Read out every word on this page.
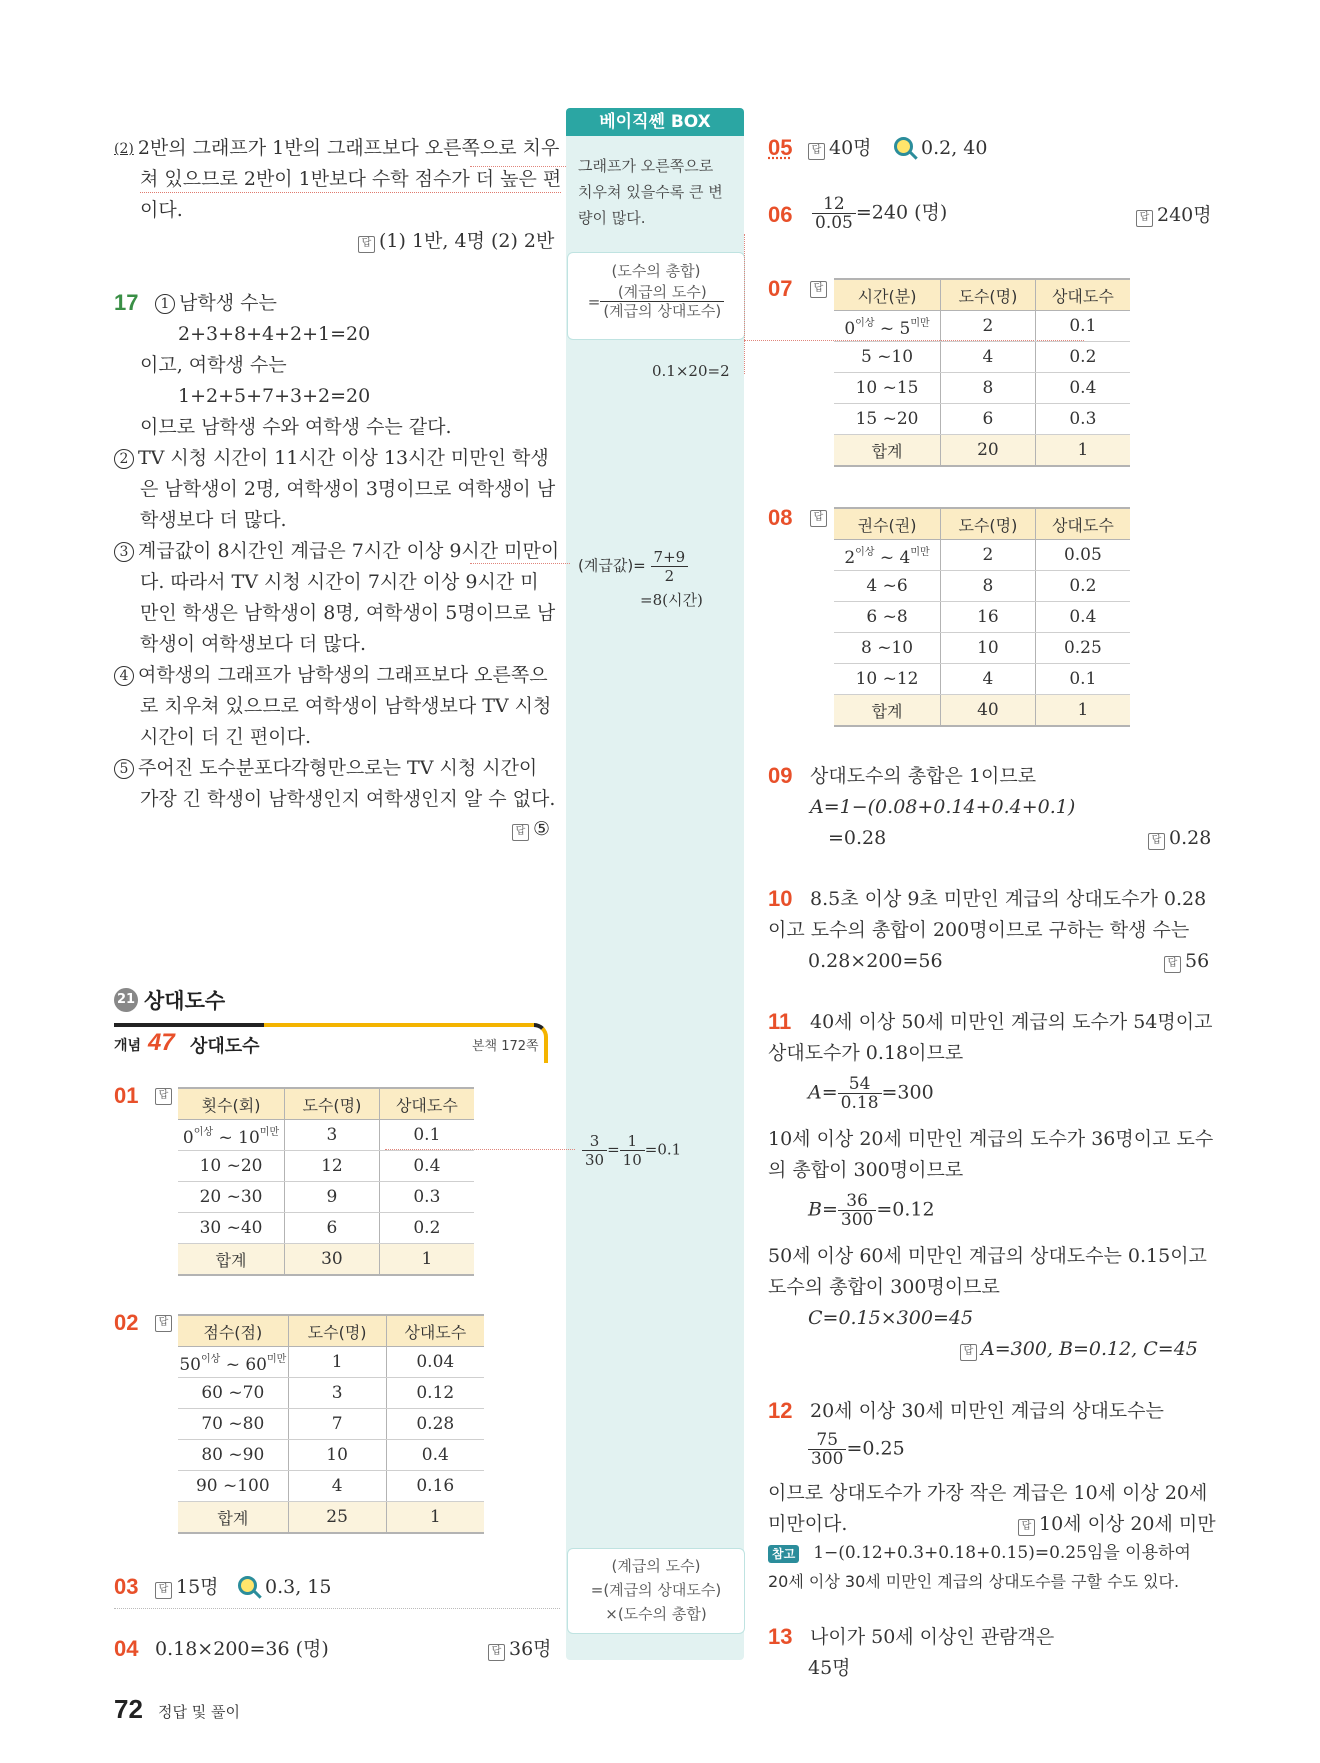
베이직쎈 BOX
그래프가 오른쪽으로
치우쳐 있을수록 큰 변
량이 많다.
(도수의 총합)
= $\frac{\text{(계급의 도수)}}{\text{(계급의 상대도수)}}$
0.1×20=2
(계급값)= $\frac{7+9}{2}$
=8(시간)
$\frac{3}{30} = \frac{1}{10} =0.1$
(계급의 도수)
=(계급의 상대도수)
×(도수의 총합)
(2) 2반의 그래프가 1반의 그래프보다 오른쪽으로 치우
쳐 있으므로 2반이 1반보다 수학 점수가 더 높은 편
이다.
답 (1) 1반, 4명 (2) 2반
17	1 남학생 수는
2+3+8+4+2+1=20
이고, 여학생 수는
1+2+5+7+3+2=20
이므로 남학생 수와 여학생 수는 같다.
2 TV 시청 시간이 11시간 이상 13시간 미만인 학생
은 남학생이 2명, 여학생이 3명이므로 여학생이 남
학생보다 더 많다.
3 계급값이 8시간인 계급은 7시간 이상 9시간 미만이
다. 따라서 TV 시청 시간이 7시간 이상 9시간 미
만인 학생은 남학생이 8명, 여학생이 5명이므로 남
학생이 여학생보다 더 많다.
4 여학생의 그래프가 남학생의 그래프보다 오른쪽으
로 치우쳐 있으므로 여학생이 남학생보다 TV 시청
시간이 더 긴 편이다.
5 주어진 도수분포다각형만으로는 TV 시청 시간이
가장 긴 학생이 남학생인지 여학생인지 알 수 없다.
답 ⑤
21 상대도수
개념 47 상대도수	본책 172쪽
01	답 횟수(회)	도수(명)	상대도수
$0^{이상}$ ~ $10^{미만}$	3	0.1
10 ~20	12	0.4
20 ~30	9	0.3
30 ~40	6	0.2
합계	30	1
02	답 점수(점)	도수(명)	상대도수
$50^{이상}$ ~ $60^{미만}$	1	0.04
60 ~70	3	0.12
70 ~80	7	0.28
80 ~90	10	0.4
90 ~100	4	0.16
합계	25	1
03	답 15명	0.3, 15
04 0.18×200=36 (명)	답 36명
72 정답 및 풀이
05	답 40명	0.2, 40
$06 \frac{12}{0.05} =240$ (명)	답 240명
07	답 시간(분)	도수(명)	상대도수
$0^{이상}$ ~ $5^{미만}$	2	0.1
5 ~10	4	0.2
10 ~15	8	0.4
15 ~20	6	0.3
합계	20	1
08	답 권수(권)	도수(명)	상대도수
$2^{이상}$ ~ $4^{미만}$	2	0.05
4 ~6	8	0.2
6 ~8	16	0.4
8 ~10	10	0.25
10 ~12	4	0.1
합계	40	1
09 상대도수의 총합은 1이므로
A=1−(0.08+0.14+0.4+0.1)
=0.28	답 0.28
10 8.5초 이상 9초 미만인 계급의 상대도수가 0.28
이고 도수의 총합이 200명이므로 구하는 학생 수는
0.28×200=56	답 56
11 40세 이상 50세 미만인 계급의 도수가 54명이고
상대도수가 0.18이므로
$A= \frac{54}{0.18} =300$
10세 이상 20세 미만인 계급의 도수가 36명이고 도수
의 총합이 300명이므로
$B= \frac{36}{300} =0.12$
50세 이상 60세 미만인 계급의 상대도수는 0.15이고
도수의 총합이 300명이므로
C=0.15×300=45
답 A=300, B=0.12, C=45
12 20세 이상 30세 미만인 계급의 상대도수는
$\frac{75}{300} =0.25$
이므로 상대도수가 가장 작은 계급은 10세 이상 20세
미만이다.	답 10세 이상 20세 미만
참고 1−(0.12+0.3+0.18+0.15)=0.25임을 이용하여
20세 이상 30세 미만인 계급의 상대도수를 구할 수도 있다.
13 나이가 50세 이상인 관람객은
45명
